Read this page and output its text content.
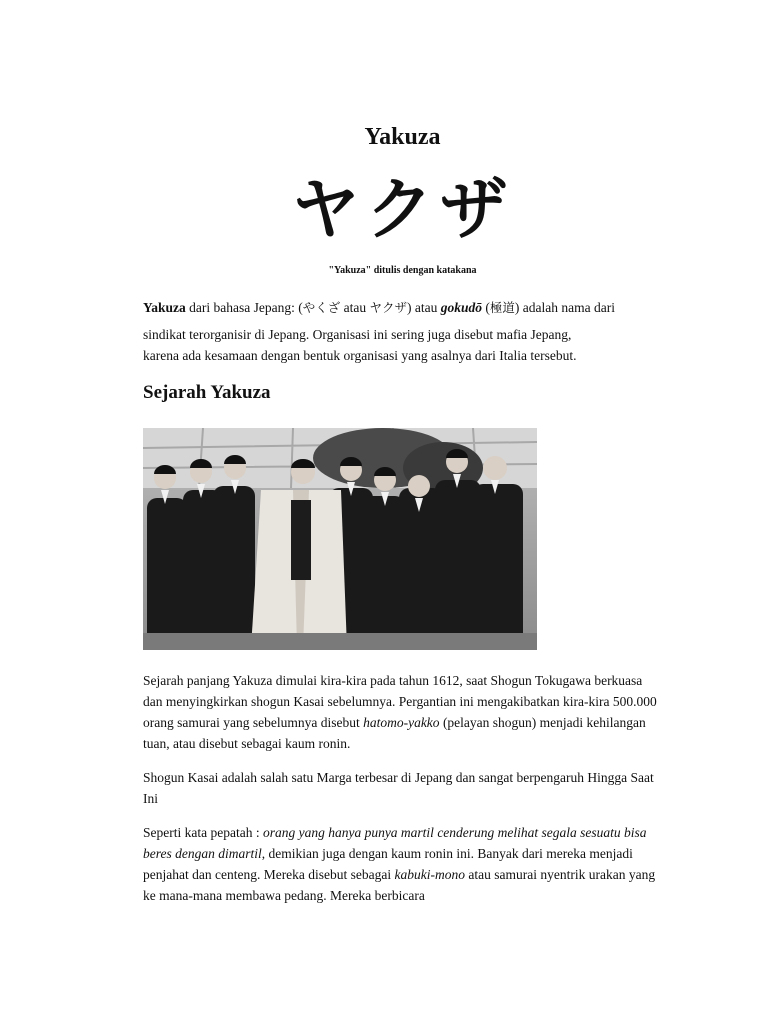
Yakuza
ヤクザ
"Yakuza" ditulis dengan katakana
Yakuza dari bahasa Jepang: (やくざ atau ヤクザ) atau gokudō (極道) adalah nama dari
sindikat terorganisir di Jepang. Organisasi ini sering juga disebut mafia Jepang,
karena ada kesamaan dengan bentuk organisasi yang asalnya dari Italia tersebut.
Sejarah Yakuza
Sejarah panjang Yakuza dimulai kira-kira pada tahun 1612, saat Shogun Tokugawa berkuasa dan menyingkirkan shogun Kasai sebelumnya. Pergantian ini mengakibatkan kira-kira 500.000 orang samurai yang sebelumnya disebut hatomo-yakko (pelayan shogun) menjadi kehilangan tuan, atau disebut sebagai kaum ronin.
Shogun Kasai adalah salah satu Marga terbesar di Jepang dan sangat berpengaruh Hingga Saat Ini
Seperti kata pepatah : orang yang hanya punya martil cenderung melihat segala sesuatu bisa beres dengan dimartil, demikian juga dengan kaum ronin ini. Banyak dari mereka menjadi penjahat dan centeng. Mereka disebut sebagai kabuki-mono atau samurai nyentrik urakan yang ke mana-mana membawa pedang. Mereka berbicara
